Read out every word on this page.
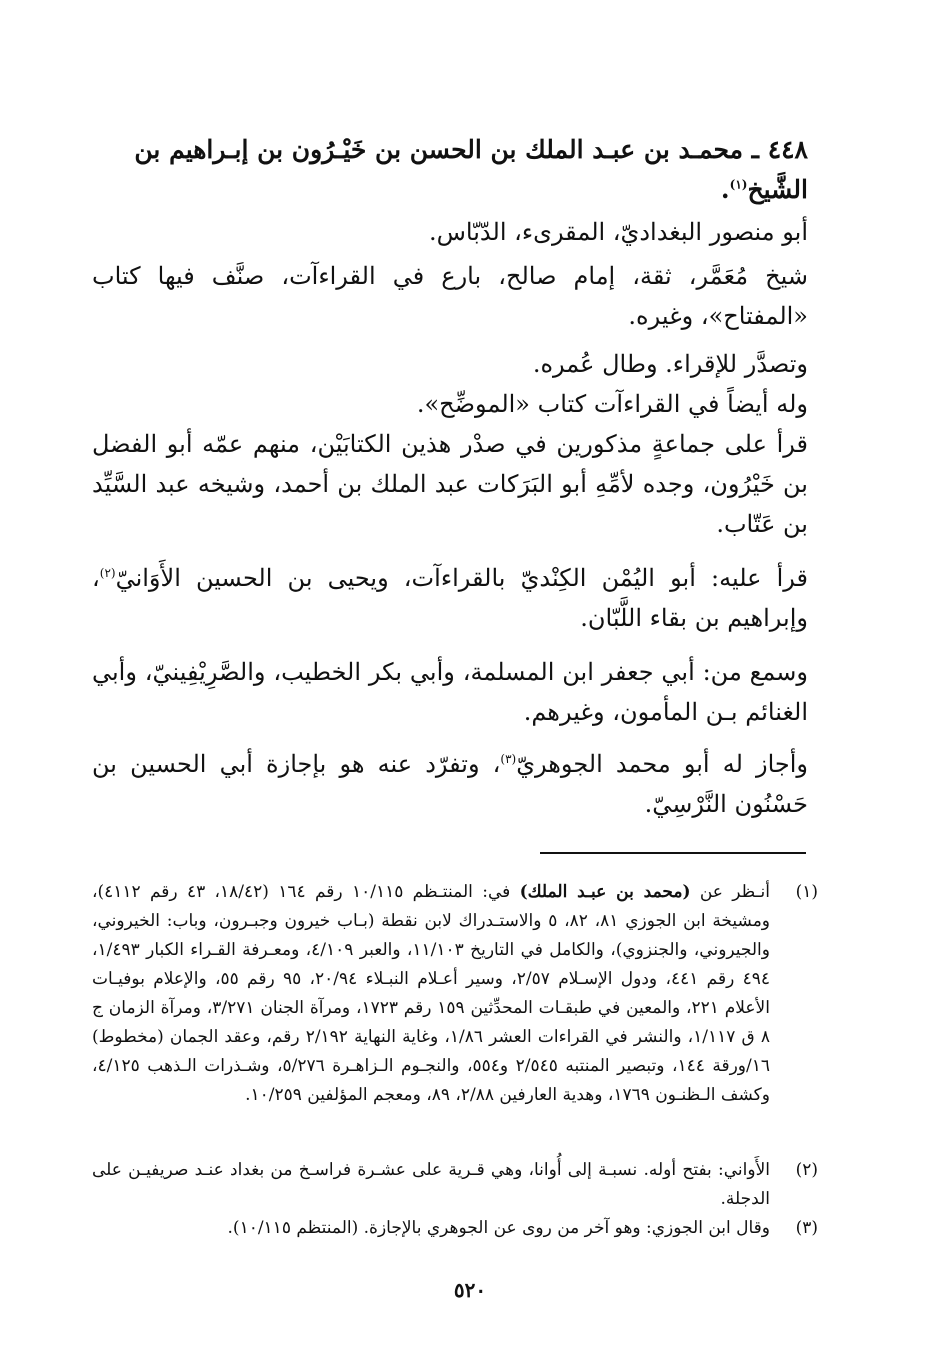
٤٤٨ ـ محمـد بن عبـد الملك بن الحسن بن خَيْـرُون بن إبـراهيم بن
الشَّيخ$^{(١)}$.
أبو منصور البغداديّ، المقرىء، الدّبّاس.
شيخ مُعَمَّر، ثقة، إمام صالح، بارع في القراءآت، صنَّف فيها كتاب «المفتاح»، وغيره.
وتصدَّر للإقراء. وطال عُمره.
وله أيضاً في القراءآت كتاب «الموضِّح».
قرأ على جماعةٍ مذكورين في صدْر هذين الكتابَيْن، منهم عمّه أبو الفضل بن خَيْرُون، وجده لأمِّهِ أبو البَرَكات عبد الملك بن أحمد، وشيخه عبد السَّيِّد بن عَتّاب.
قرأ عليه: أبو اليُمْن الكِنْديّ بالقراءآت، ويحيى بن الحسين الأَوَانيّ$^{(٢)}$، وإبراهيم بن بقاء اللَّبّان.
وسمع من: أبي جعفر ابن المسلمة، وأبي بكر الخطيب، والصَّرِيْفِينيّ، وأبي الغنائم بـن المأمون، وغيرهم.
وأجاز له أبو محمد الجوهريّ$^{(٣)}$، وتفرّد عنه هو بإجازة أبي الحسين بن حَسْنُون النَّرْسِيّ.
(١)
أنـظر عن (محمد بن عبـد الملك) في: المنتـظم ١٠/١١٥ رقم ١٦٤ (١٨/٤٢، ٤٣ رقم ٤١١٢)، ومشيخة ابن الجوزي ٨١، ٨٢، ٥ والاستـدراك لابن نقطة (بـاب خيرون وجبـرون، وباب: الخيروني، والجيروني، والجنزوي)، والكامل في التاريخ ١١/١٠٣، والعبر ٤/١٠٩، ومعـرفة القـراء الكبار ١/٤٩٣، ٤٩٤ رقم ٤٤١، ودول الإسـلام ٢/٥٧، وسير أعـلام النبـلاء ٢٠/٩٤، ٩٥ رقم ٥٥، والإعلام بوفيـات الأعلام ٢٢١، والمعين في طبقـات المحدِّثين ١٥٩ رقم ١٧٢٣، ومرآة الجنان ٣/٢٧١، ومرآة الزمان ج ٨ ق ١/١١٧، والنشر في القراءات العشر ١/٨٦، وغاية النهاية ٢/١٩٢ رقم، وعقد الجمان (مخطوط) ١٦/ورقة ١٤٤، وتبصير المنتبه ٢/٥٤٥ و٥٥٤، والنجـوم الـزاهـرة ٥/٢٧٦، وشـذرات الـذهب ٤/١٢٥، وكشف الـظنـون ١٧٦٩، وهدية العارفين ٢/٨٨، ٨٩، ومعجم المؤلفين ١٠/٢٥٩.
(٢)
الأَواني: بفتح أوله. نسبـة إلى أُوانا، وهي قـرية على عشـرة فراسـخ من بغداد عنـد صريفيـن على الدجلة.
(٣)
وقال ابن الجوزي: وهو آخر من روى عن الجوهري بالإجازة. (المنتظم ١٠/١١٥).
٥٢٠
